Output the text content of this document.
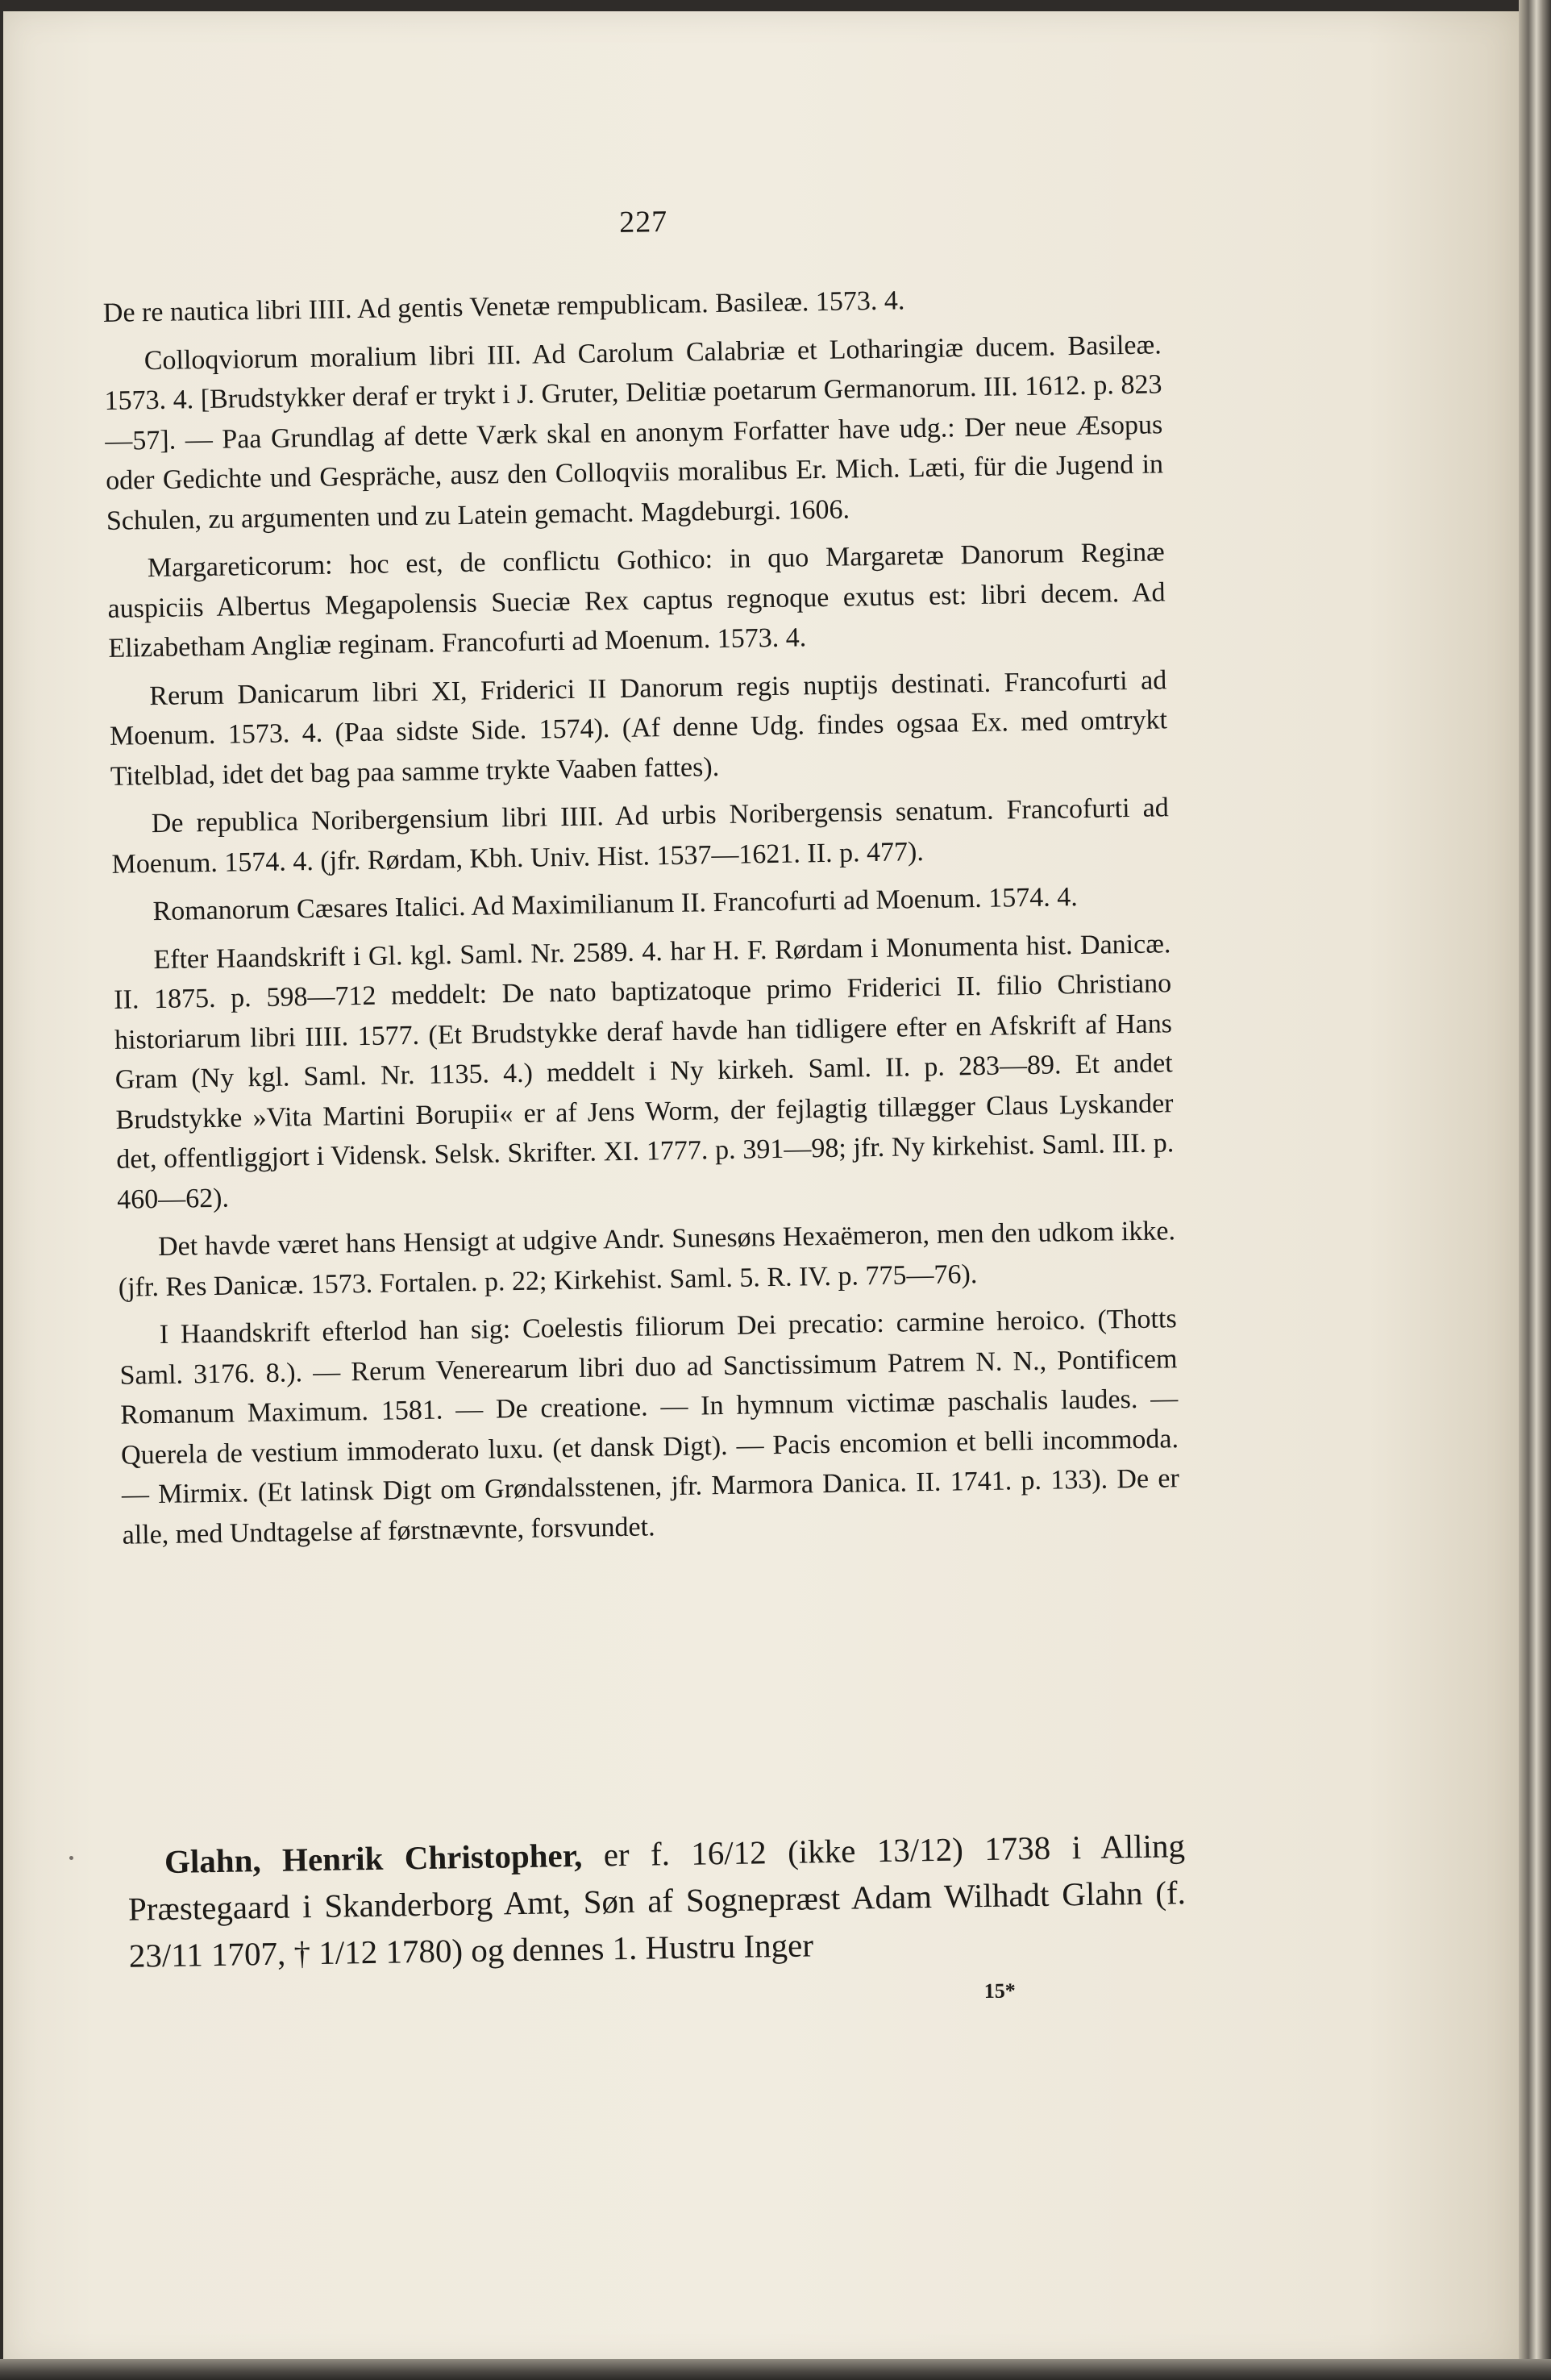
227

De re nautica libri IIII. Ad gentis Venetæ rempublicam. Basileæ. 1573. 4.

Colloqviorum moralium libri III. Ad Carolum Calabriæ et Lotharingiæ ducem. Basileæ. 1573. 4. [Brudstykker deraf er trykt i J. Gruter, Delitiæ poetarum Germanorum. III. 1612. p. 823—57]. — Paa Grundlag af dette Værk skal en anonym Forfatter have udg.: Der neue Æsopus oder Gedichte und Gespräche, ausz den Colloqviis moralibus Er. Mich. Læti, für die Jugend in Schulen, zu argumenten und zu Latein gemacht. Magdeburgi. 1606.

Margareticorum: hoc est, de conflictu Gothico: in quo Margaretæ Danorum Reginæ auspiciis Albertus Megapolensis Sueciæ Rex captus regnoque exutus est: libri decem. Ad Elizabetham Angliæ reginam. Francofurti ad Moenum. 1573. 4.

Rerum Danicarum libri XI, Friderici II Danorum regis nuptijs destinati. Francofurti ad Moenum. 1573. 4. (Paa sidste Side. 1574). (Af denne Udg. findes ogsaa Ex. med omtrykt Titelblad, idet det bag paa samme trykte Vaaben fattes).

De republica Noribergensium libri IIII. Ad urbis Noribergensis senatum. Francofurti ad Moenum. 1574. 4. (jfr. Rørdam, Kbh. Univ. Hist. 1537—1621. II. p. 477).

Romanorum Cæsares Italici. Ad Maximilianum II. Francofurti ad Moenum. 1574. 4.

Efter Haandskrift i Gl. kgl. Saml. Nr. 2589. 4. har H. F. Rørdam i Monumenta hist. Danicæ. II. 1875. p. 598—712 meddelt: De nato baptizatoque primo Friderici II. filio Christiano historiarum libri IIII. 1577. (Et Brudstykke deraf havde han tidligere efter en Afskrift af Hans Gram (Ny kgl. Saml. Nr. 1135. 4.) meddelt i Ny kirkeh. Saml. II. p. 283—89. Et andet Brudstykke »Vita Martini Borupii« er af Jens Worm, der fejlagtig tillægger Claus Lyskander det, offentliggjort i Vidensk. Selsk. Skrifter. XI. 1777. p. 391—98; jfr. Ny kirkehist. Saml. III. p. 460—62).

Det havde været hans Hensigt at udgive Andr. Sunesøns Hexaëmeron, men den udkom ikke. (jfr. Res Danicæ. 1573. Fortalen. p. 22; Kirkehist. Saml. 5. R. IV. p. 775—76).

I Haandskrift efterlod han sig: Coelestis filiorum Dei precatio: carmine heroico. (Thotts Saml. 3176. 8.). — Rerum Venerearum libri duo ad Sanctissimum Patrem N. N., Pontificem Romanum Maximum. 1581. — De creatione. — In hymnum victimæ paschalis laudes. — Querela de vestium immoderato luxu. (et dansk Digt). — Pacis encomion et belli incommoda. — Mirmix. (Et latinsk Digt om Grøndalsstenen, jfr. Marmora Danica. II. 1741. p. 133). De er alle, med Undtagelse af førstnævnte, forsvundet.

Glahn, Henrik Christopher, er f. 16/12 (ikke 13/12) 1738 i Alling Præstegaard i Skanderborg Amt, Søn af Sognepræst Adam Wilhadt Glahn (f. 23/11 1707, † 1/12 1780) og dennes 1. Hustru Inger
15*
